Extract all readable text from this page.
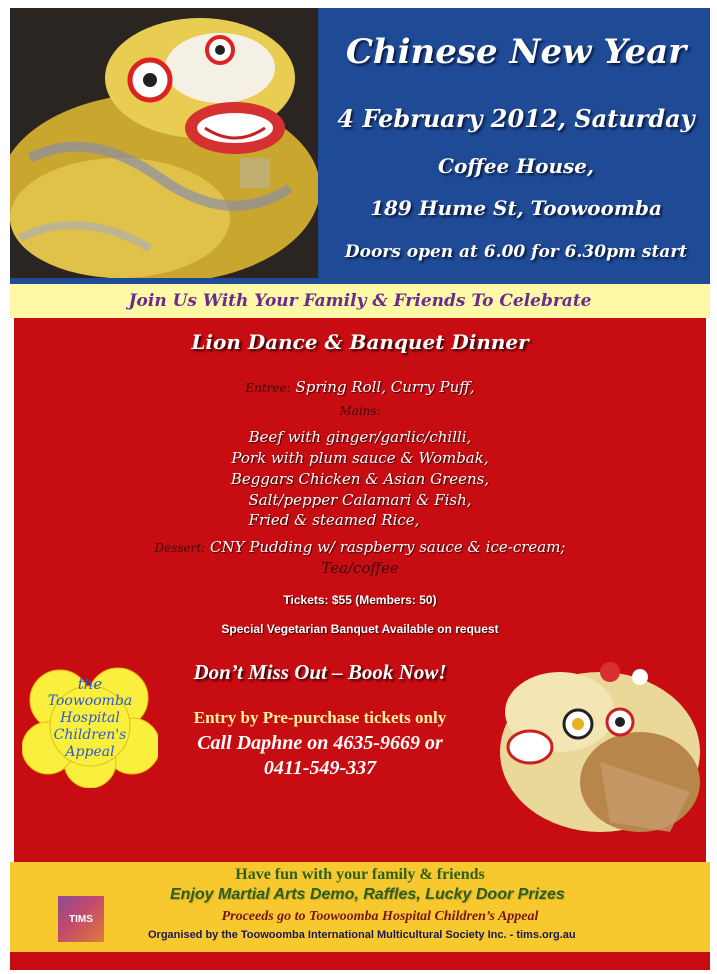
Chinese New Year
4 February 2012, Saturday
Coffee House,
189 Hume St, Toowoomba
Doors open at 6.00 for 6.30pm start
Join Us With Your Family & Friends To Celebrate
Lion Dance & Banquet Dinner
Entree: Spring Roll, Curry Puff,
Mains:
Beef with ginger/garlic/chilli,
Pork with plum sauce & Wombak,
Beggars Chicken & Asian Greens,
Salt/pepper Calamari & Fish,
Fried & steamed Rice,
Dessert: CNY Pudding w/ raspberry sauce & ice-cream;
Tea/coffee
Tickets: $55 (Members: 50)
Special Vegetarian Banquet Available on request
the
Toowoomba
Hospital
Children's
Appeal
Don’t Miss Out – Book Now!
Entry by Pre-purchase tickets only
Call Daphne on 4635-9669 or
0411-549-337
Have fun with your family & friends
Enjoy Martial Arts Demo, Raffles, Lucky Door Prizes
Proceeds go to Toowoomba Hospital Children’s Appeal
Organised by the Toowoomba International Multicultural Society Inc. - tims.org.au
TIMS
